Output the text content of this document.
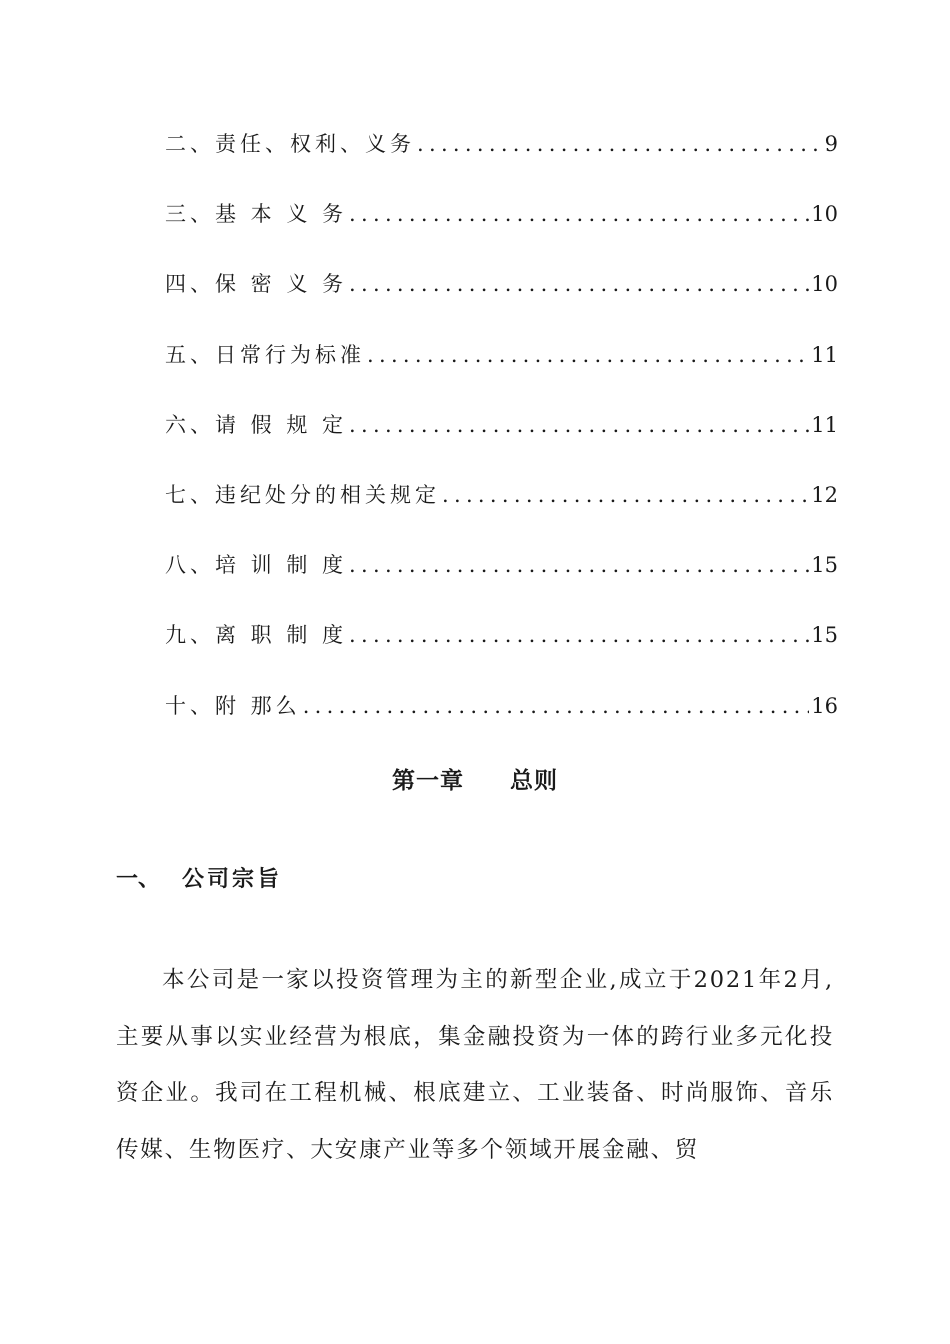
二、责任、权利、义务 .....	9
三、基 本 义 务 .....	10
四、保 密 义 务 .....	10
五、日常行为标准 .....	11
六、请 假 规 定 .....	11
七、违纪处分的相关规定 .....	12
八、培 训 制 度 .....	15
九、离 职 制 度 .....	15
十、附 那么 .....	16
第一章 总则
一、 公司宗旨

本公司是一家以投资管理为主的新型企业,成立于2021年2月,主要从事以实业经营为根底，集金融投资为一体的跨行业多元化投资企业。我司在工程机械、根底建立、工业装备、时尚服饰、音乐传媒、生物医疗、大安康产业等多个领域开展金融、贸
